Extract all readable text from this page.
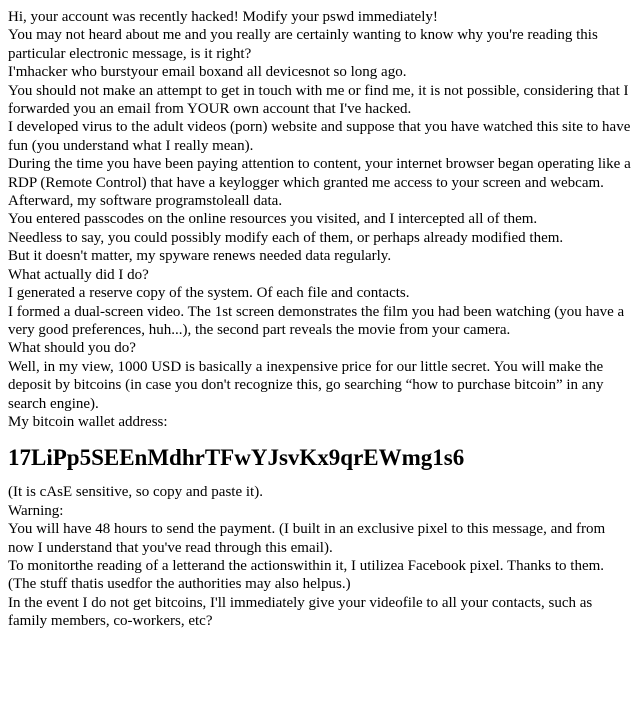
Hi, your account was recently hacked! Modify your pswd immediately!

You may not heard about me and you really are certainly wanting to know why you're reading this particular electronic message, is it right?

I'mhacker who burstyour email boxand all devicesnot so long ago.

You should not make an attempt to get in touch with me or find me, it is not possible, considering that I forwarded you an email from YOUR own account that I've hacked.

I developed virus to the adult videos (porn) website and suppose that you have watched this site to have fun (you understand what I really mean).

During the time you have been paying attention to content, your internet browser began operating like a RDP (Remote Control) that have a keylogger which granted me access to your screen and webcam.

Afterward, my software programstoleall data.

You entered passcodes on the online resources you visited, and I intercepted all of them.

Needless to say, you could possibly modify each of them, or perhaps already modified them.

But it doesn't matter, my spyware renews needed data regularly.

What actually did I do?

I generated a reserve copy of the system. Of each file and contacts.

I formed a dual-screen video. The 1st screen demonstrates the film you had been watching (you have a very good preferences, huh...), the second part reveals the movie from your camera.

What should you do?

Well, in my view, 1000 USD is basically a inexpensive price for our little secret. You will make the deposit by bitcoins (in case you don't recognize this, go searching “how to purchase bitcoin” in any search engine).

My bitcoin wallet address:

17LiPp5SEEnMdhrTFwYJsvKx9qrEWmg1s6

(It is cAsE sensitive, so copy and paste it).

Warning:

You will have 48 hours to send the payment. (I built in an exclusive pixel to this message, and from now I understand that you've read through this email).

To monitorthe reading of a letterand the actionswithin it, I utilizea Facebook pixel. Thanks to them. (The stuff thatis usedfor the authorities may also helpus.)

In the event I do not get bitcoins, I'll immediately give your videofile to all your contacts, such as family members, co-workers, etc?
